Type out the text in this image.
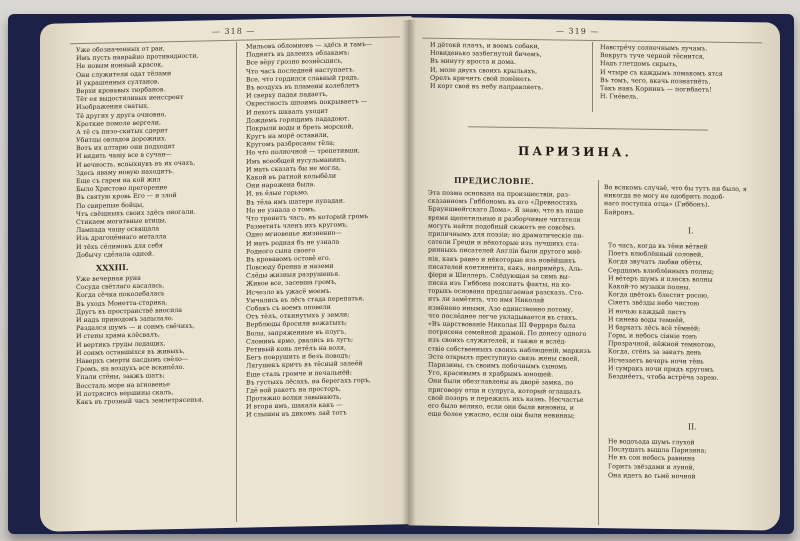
— 318 —
Уже обозначенных от ран,
Имъ пусть наврайно противядности,
Не новым ионный красок,
Они служители одат тёлами
И украшенных султанов.
Верхи кровавых тюрбанов.
Тёт ея выдостиливых иенссрент
Изображения сватых,
Тё других у друга очновно,
Кроткие помоле вергели,
А тё съ пизо-скитых сдерит
Убитцы овладов дорожних.
Вотъ их алтарю они подходят
И видить чашу все в сучан—
И вечность, вспыхнувъ въ их очахъ,
Здесь яваму новую находитъ.
Еще съ гареи на кой жил
Было Христово прегорение
Въ святую кровь Его — и злой
По свирепые бойцы,
Чтъ свёщныхъ своих здёсь оногали.
Стикаем могатвные втицы,
Лампада чашу освящала
Изъ драгоцённаго металла
И тёхъ сёлимовъ для себя
Добычу сдёлала одной.
XXXIII.
Уже вечерная руна
Сосуда свётлаго касалась,
Когда сёчка поколебалась
Въ уходъ Монетта-старика,
Другъ въ пространствё вносила
И надъ приводомъ запылало.
Раздался шумъ — и сонмъ свёчихъ,
И стены храма клёсвалъ,
И вертикъ груды ледащих,
И сонмъ оставшихся въ живыхъ,
Наверхъ смерти пасдымъ свёло—
Громъ, на воздухъ все вскипёло.
Упали стёны, закжъ шатъ;
Воссталь море на вгновенье
И потрясись вершины скалъ,
Какъ въ грозный часъ землетрясенья.
Мильовъ обломиовъ — здёсь и тамъ—
Поднятъ въ далеихъ облакамъ;
Все вёру грозно вознёсшись,
Что часъ последней наступаетъ.
Все, что гордился славный градъ,
Въ воздухъ въ пламени колеблетъ
И сверху падая падаетъ,
Окрестность шпоимъ покрываетъ —
И пехотъ шквалъ уходит
Дождемъ горящимъ пададоют.
Покрыли воды и бреть морской,
Кругъ на морё оставили,
Кругомъ разбросаны тёла;
Но что полночной — трепетивши,
Имъ всеобщей нусульманинъ,
И мать сказать бы не могла,
Какой въ ратной колыбёли
Они нарожена была.
И, въ ёлые горьмо,
Въ тёла имъ шатере пупадан.
Но не узнала о томъ,
Что тронетъ часъ, въ который громъ
Разметить членъ ихъ кругомъ.
Одно мгновенье жизненно—
И мать родная бъ не узнала
Родного сына своего
Въ кровавомъ остовё его.
Повсюду бренна и наземи
Слёды жизныя разрушенья.
Живое все, засевша громъ,
Исчезло въ ужасё моемъ.
Умчались въ лёсъ стада перепатья,
Собакъ съ воемъ оповели
Отъ тёлъ, откинутыхъ у земли;
Верблюды бросили вожатыхъ;
Волы, запряженные въ плугъ,
Сломивъ ярмо, рвались въ лугъ;
Ретивый конь летёлъ на воля,
Бегъ поврушить и безъ поводъ;
Лягушекъ кричъ въ тёсный залеёй
Еще сталь громче и печальнёй;
Въ густыхъ лёсахъ, на берегахъ горъ,
Гдё вой ракетъ на просторъ,
Протяжно волки завывають,
И вторя имъ, шакала какъ —
И слышен въ дикомъ лай тотъ
— 319 —
И дётокй плачъ, и воемъ собаки,
Новиденько зазбегнутой бичемъ,
Въ минуту кроста и дома.
И, моле двухъ своихъ крыльяхъ,
Орелъ кричитъ свой понёнеть
И корт свой въ небу направляетъ.
Навстрёчу солнечнымъ лучамъ.
Вокругъ туче черной тёснится,
Надъ глетдомъ скрыть,
И чтыре съ каждымъ ломакомъ ятся
Въ томъ, чего, вкачь познатнёть.
Такъ навъ Корнинъ — погибаетъ!
Н. Гнёвель.
ПАРИЗИНА.
ПРЕДИСЛОВIЕ.
Эта поэма основана на произшествiи, раз-
сказанномъ Гиббономъ въ его «Древностяхъ
Брауншвейгскаго Дома». Я знаю, что въ наше
время щепетильные и разборчивые читатели
могутъ найти подобный сюжетъ не совсёмъ
приличнымъ для поэзiи; но драматическiе пи-
сатели Грецiи и нёкоторые изъ лучшихъ ста-
ринныхъ писателей Англiи были другого мнё-
нiя, какъ равно и нёкоторые изъ новёйшихъ
писателей континента, какъ, напримёръ, Аль-
фiери и Шиллеръ. Слёдующая за симъ вы-
писка изъ Гиббона пояснитъ факты, на ко-
торыхъ основана предлагаемая разсказъ. Сто-
итъ ли замётить, что имя Николай
измёнено иными, Азо единственно потому,
что послёднее легче укладывается въ стихъ.
«Въ царствованiе Николая III Феррара была
потрясена семейной драмой. По донесу одного
изъ своихъ служителей, и также и вслёд-
ствiе собственныхъ своихъ наблюденiй, маркизъ
Эсте открылъ преступную связь жены своей,
Паризины, съ своимъ побочнымъ сыномъ
Уго, красивымъ и храбрымъ юношей.
Они были обезглавлены въ дворё замка, по
приговору отца и супруга, который оглашалъ
свой позоръ и пережилъ ихъ казнь. Несчастье
его было велико, если они были виновны, и
еще более ужасно, если они были невинны;
Во всякомъ случаё, что бы тутъ ни было, я
никогда не могу не одобрить подоб-
наго поступка отца» (Гиббонъ).
Байронъ.
I.
То часъ, когда въ тёни вётвей
Поетъ влюблённый соловей,
Когда звучатъ любви обёты,
Сердцамъ влюблённыхъ полны;
И вётеръ шумъ и плескъ волны
Какой-то музыки полны.
Когда цвётокъ блестит росою,
Сiяетъ звёзды небо чистою
И ночью каждый листъ
И синева воды темнёй,
И бархатъ лёсъ всё тёмнёй;
Горы, и небосъ сiянiе тонъ
Прозрачной, нёжной темнотою,
Когда, стёнъ за закатъ день
Исчезаетъ вечеръ ночи тёнь
И сумракъ ночи прядъ кругомъ
Безднёетъ, чтоба встрёча зарею.
II.
Не водоъада шумъ глухой
Послушать вышла Паризина;
Не въ сон небесъ равнина
Горитъ звёздами и луной,
Она идетъ во тьмё ночной
